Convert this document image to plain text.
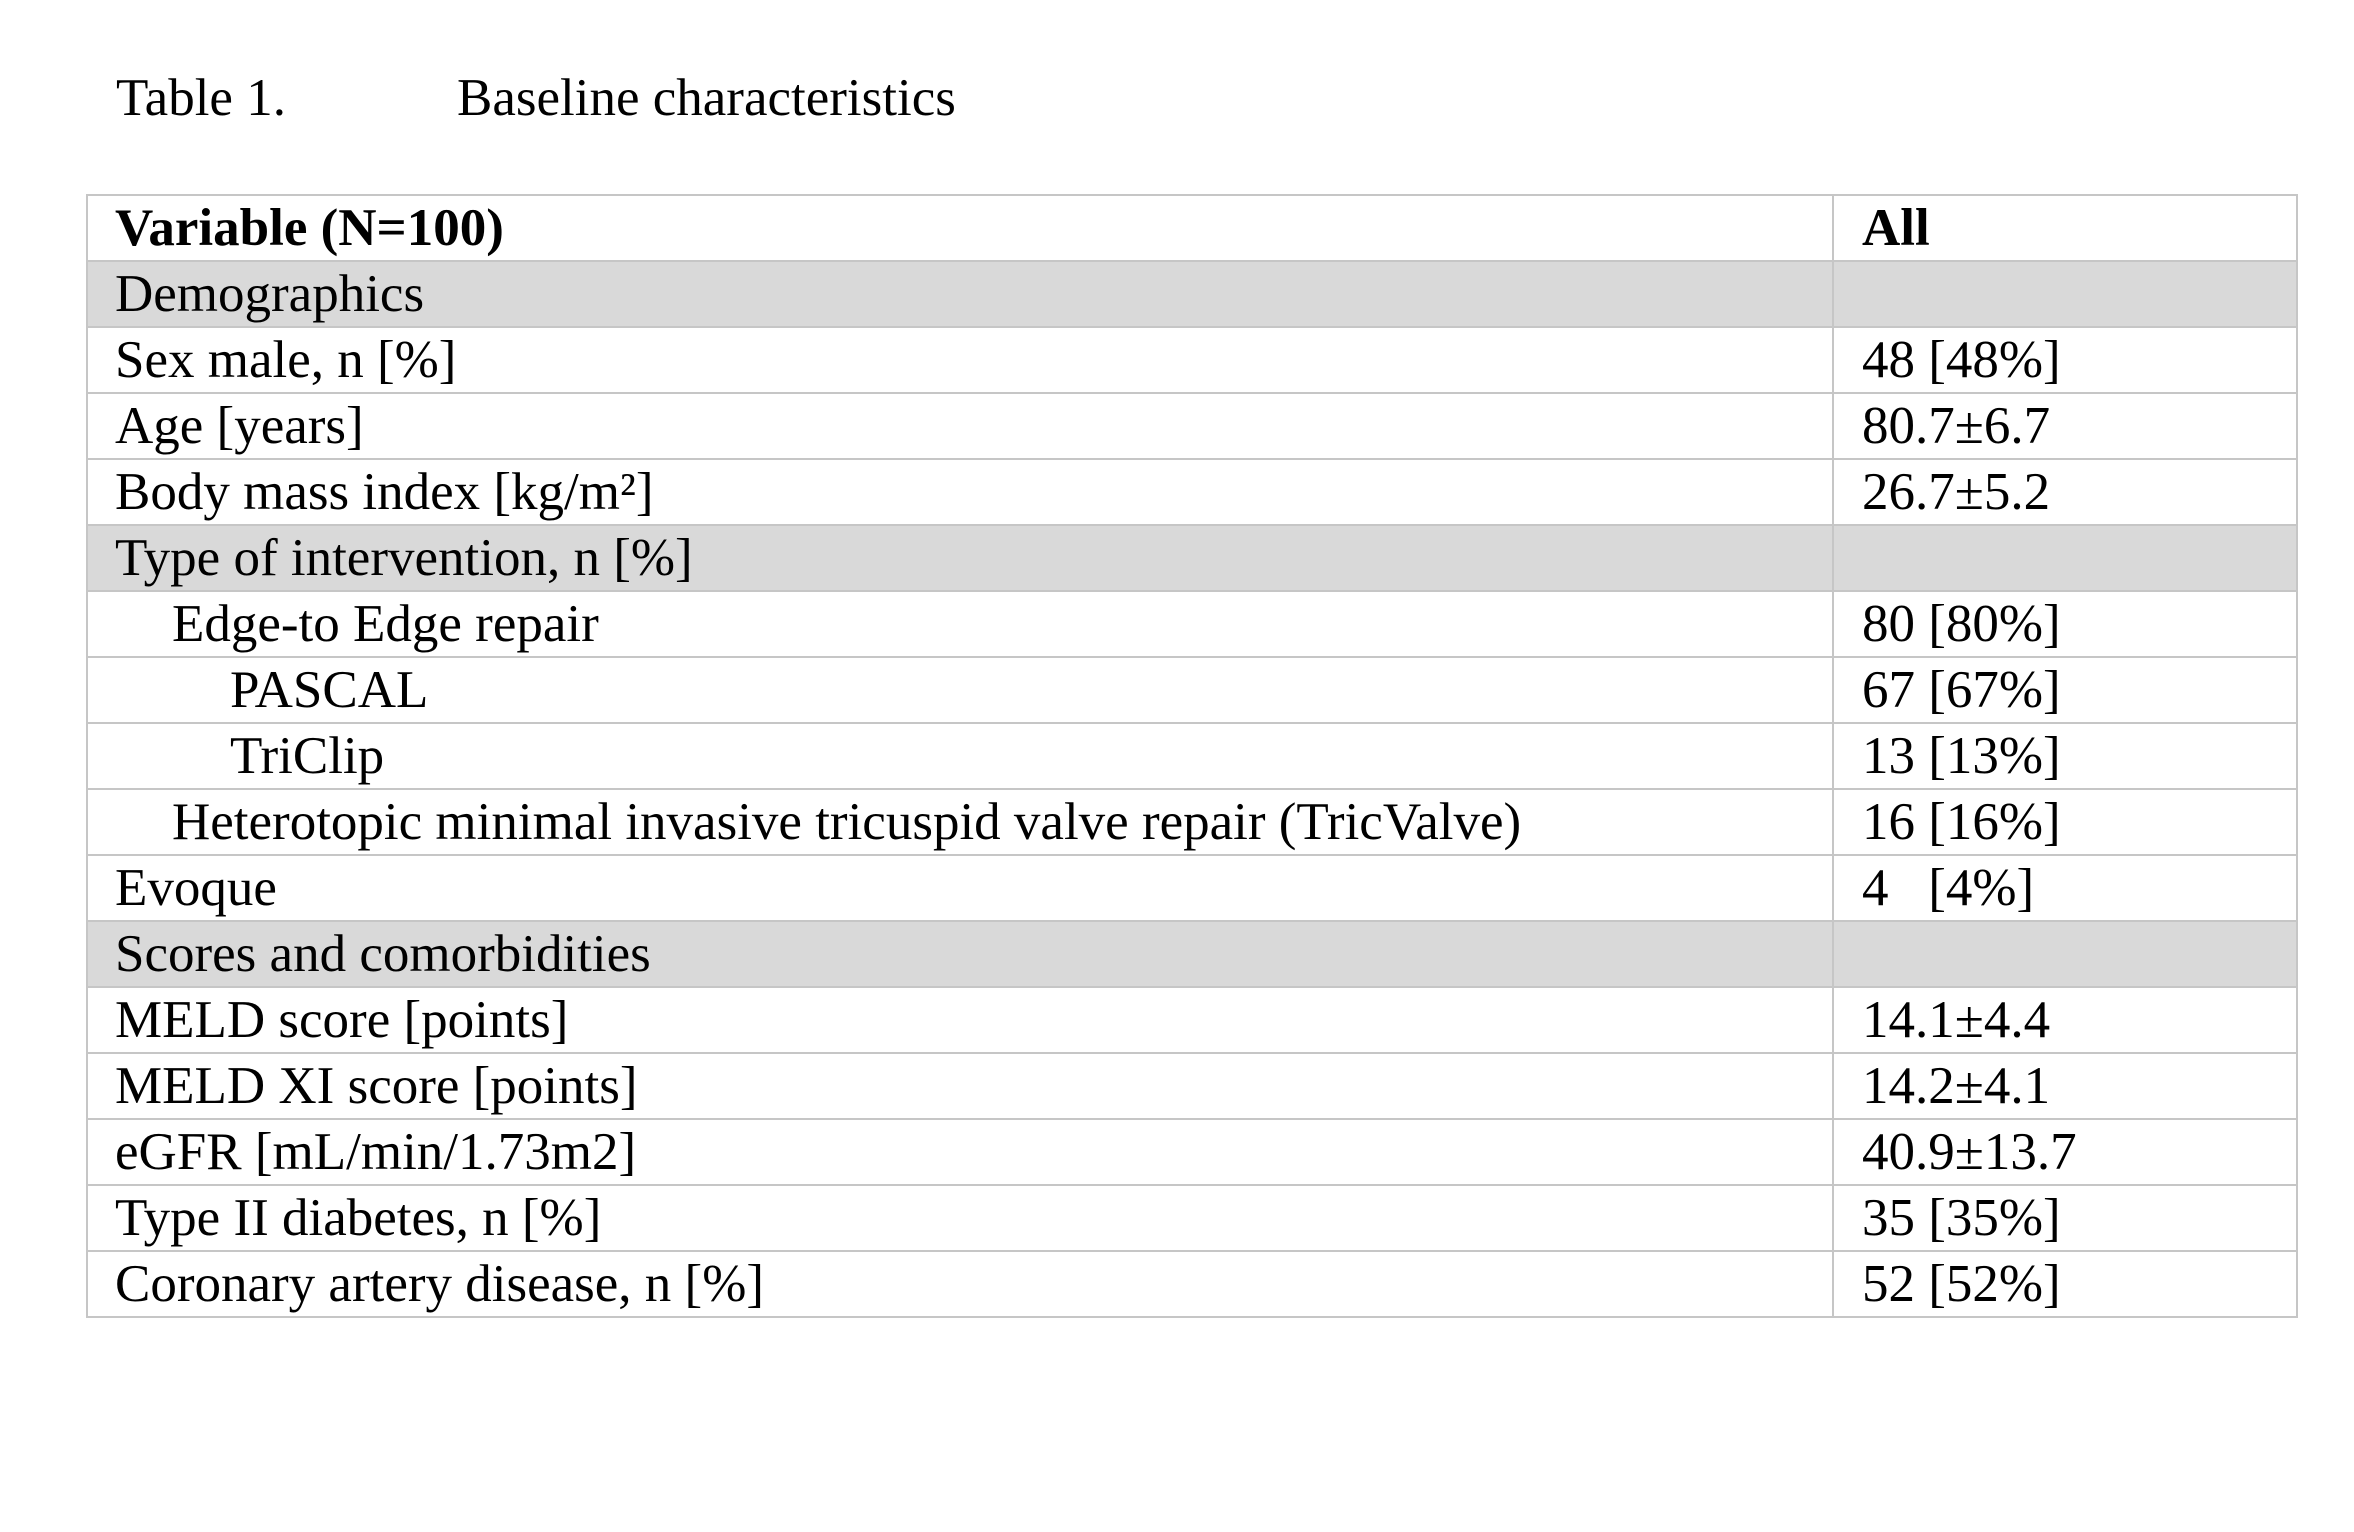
Table 1.	Baseline characteristics
Variable (N=100)	All
Demographics	
Sex male, n [%]	48 [48%]
Age [years]	80.7±6.7
Body mass index [kg/m²]	26.7±5.2
Type of intervention, n [%]	
Edge-to Edge repair	80 [80%]
PASCAL	67 [67%]
TriClip	13 [13%]
Heterotopic minimal invasive tricuspid valve repair (TricValve)	16 [16%]
Evoque	4   [4%]
Scores and comorbidities	
MELD score [points]	14.1±4.4
MELD XI score [points]	14.2±4.1
eGFR [mL/min/1.73m2]	40.9±13.7
Type II diabetes, n [%]	35 [35%]
Coronary artery disease, n [%]	52 [52%]
